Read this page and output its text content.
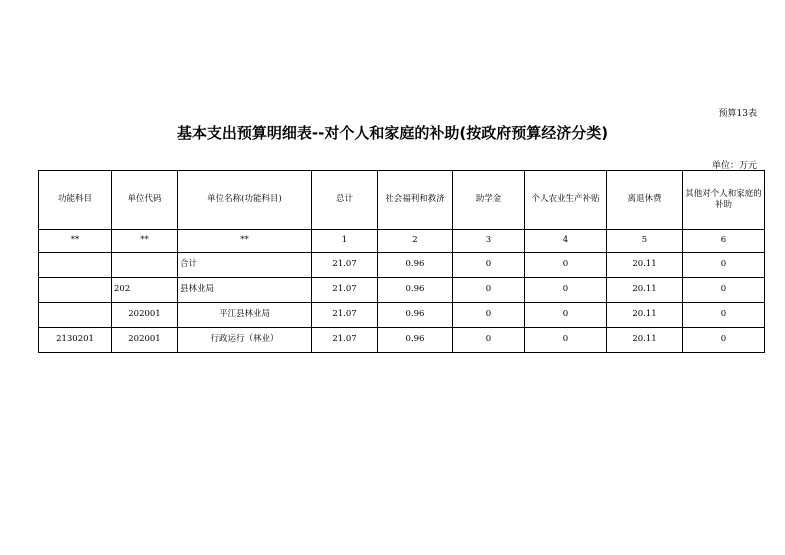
预算13表
基本支出预算明细表--对个人和家庭的补助(按政府预算经济分类)
单位：万元
功能科目	单位代码	单位名称(功能科目)	总计	社会福利和救济	助学金	个人农业生产补贴	离退休费	其他对个人和家庭的补助
**	**	**	1	2	3	4	5	6
		合计	21.07	0.96	0	0	20.11	0
	202	县林业局	21.07	0.96	0	0	20.11	0
	202001	平江县林业局	21.07	0.96	0	0	20.11	0
2130201	202001	行政运行（林业）	21.07	0.96	0	0	20.11	0
